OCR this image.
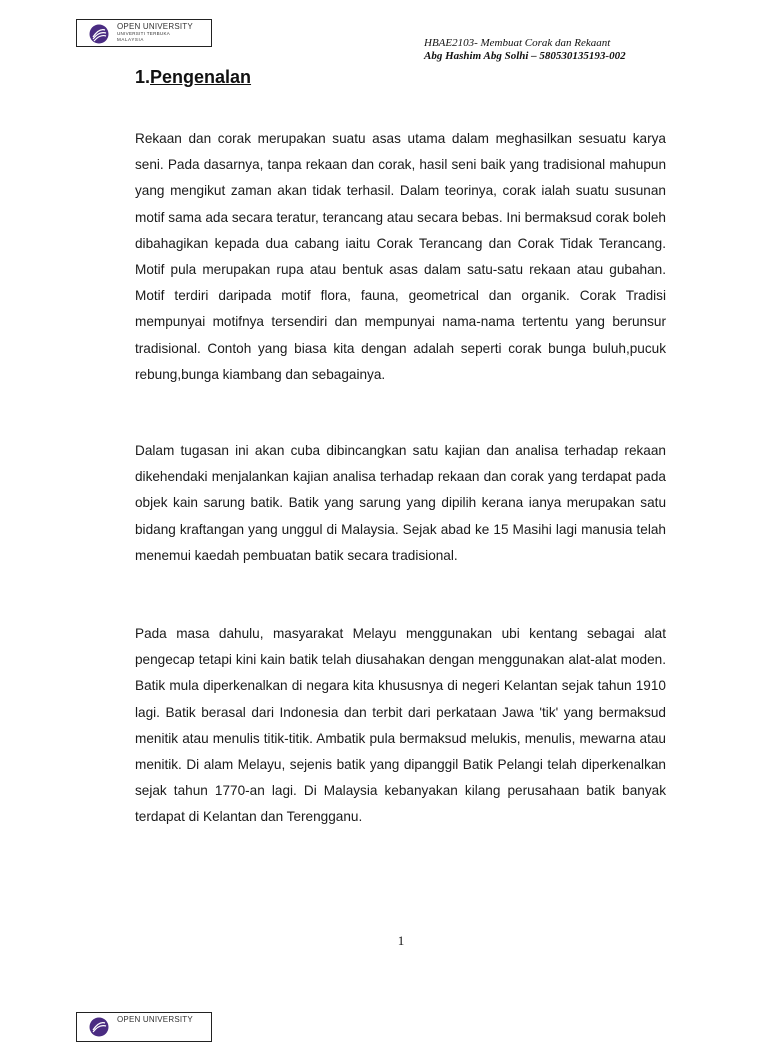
OPEN UNIVERSITY
UNIVERSITI TERBUKA
MALAYSIA	HBAE2103- Membuat Corak dan Rekaant
Abg Hashim Abg Solhi – 580530135193-002
1.Pengenalan

Rekaan dan corak merupakan suatu asas utama dalam meghasilkan sesuatu karya seni. Pada dasarnya, tanpa rekaan dan corak, hasil seni baik yang tradisional mahupun yang mengikut zaman akan tidak terhasil. Dalam teorinya, corak ialah suatu susunan motif sama ada secara teratur, terancang atau secara bebas. Ini bermaksud corak boleh dibahagikan kepada dua cabang iaitu Corak Terancang dan Corak Tidak Terancang. Motif pula merupakan rupa atau bentuk asas dalam satu-satu rekaan atau gubahan. Motif terdiri daripada motif flora, fauna, geometrical dan organik. Corak Tradisi mempunyai motifnya tersendiri dan mempunyai nama-nama tertentu yang berunsur tradisional. Contoh yang biasa kita dengan adalah seperti corak bunga buluh,pucuk rebung,bunga kiambang dan sebagainya.

Dalam tugasan ini akan cuba dibincangkan satu kajian dan analisa terhadap rekaan dikehendaki menjalankan kajian analisa terhadap rekaan dan corak yang terdapat pada objek kain sarung batik. Batik yang sarung yang dipilih kerana ianya merupakan satu bidang kraftangan yang unggul di Malaysia. Sejak abad ke 15 Masihi lagi manusia telah menemui kaedah pembuatan batik secara tradisional.

Pada masa dahulu, masyarakat Melayu menggunakan ubi kentang sebagai alat pengecap tetapi kini kain batik telah diusahakan dengan menggunakan alat-alat moden. Batik mula diperkenalkan di negara kita khususnya di negeri Kelantan sejak tahun 1910 lagi. Batik berasal dari Indonesia dan terbit dari perkataan Jawa 'tik' yang bermaksud menitik atau menulis titik-titik. Ambatik pula bermaksud melukis, menulis, mewarna atau menitik. Di alam Melayu, sejenis batik yang dipanggil Batik Pelangi telah diperkenalkan sejak tahun 1770-an lagi. Di Malaysia kebanyakan kilang perusahaan batik banyak terdapat di Kelantan dan Terengganu.

1
OPEN UNIVERSITY
